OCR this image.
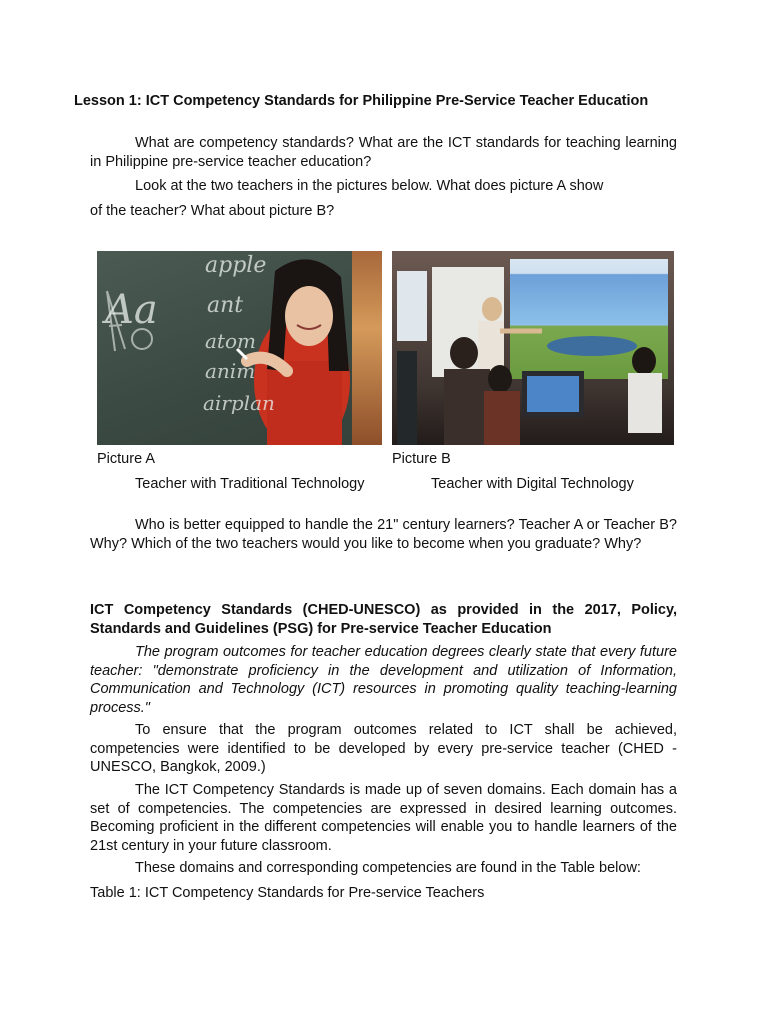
Lesson 1: ICT Competency Standards for Philippine Pre-Service Teacher Education

What are competency standards? What are the ICT standards for teaching learning in Philippine pre-service teacher education?

Look at the two teachers in the pictures below. What does picture A show

of the teacher? What about picture B?
apple
ant
atom
anim
airplan
Aa
Picture A	Picture B
Teacher with Traditional Technology	Teacher with Digital Technology

Who is better equipped to handle the 21" century learners? Teacher A or Teacher B? Why? Which of the two teachers would you like to become when you graduate? Why?

ICT Competency Standards (CHED-UNESCO) as provided in the 2017, Policy, Standards and Guidelines (PSG) for Pre-service Teacher Education

The program outcomes for teacher education degrees clearly state that every future teacher: "demonstrate proficiency in the development and utilization of Information, Communication and Technology (ICT) resources in promoting quality teaching-learning process."

To ensure that the program outcomes related to ICT shall be achieved, competencies were identified to be developed by every pre-service teacher (CHED - UNESCO, Bangkok, 2009.)

The ICT Competency Standards is made up of seven domains. Each domain has a set of competencies. The competencies are expressed in desired learning outcomes. Becoming proficient in the different competencies will enable you to handle learners of the 21st century in your future classroom.

These domains and corresponding competencies are found in the Table below:

Table 1: ICT Competency Standards for Pre-service Teachers
